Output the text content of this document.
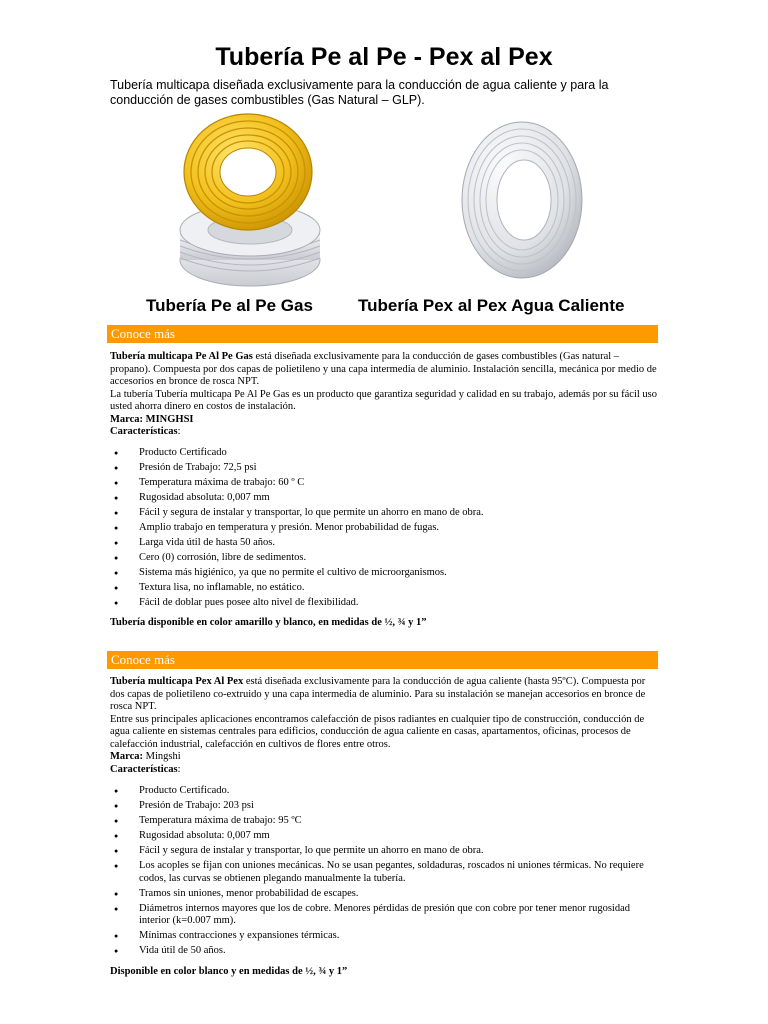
Tubería Pe al Pe - Pex al Pex

Tubería multicapa diseñada exclusivamente para la conducción de agua caliente y para la conducción de gases combustibles (Gas Natural – GLP).

Tubería Pe al Pe Gas	Tubería Pex al Pex Agua Caliente
Conoce más

Tubería multicapa Pe Al Pe Gas está diseñada exclusivamente para la conducción de gases combustibles (Gas natural – propano). Compuesta por dos capas de polietileno y una capa intermedia de aluminio. Instalación sencilla, mecánica por medio de accesorios en bronce de rosca NPT.

La tubería Tubería multicapa Pe Al Pe Gas es un producto que garantiza seguridad y calidad en su trabajo, además por su fácil uso usted ahorra dinero en costos de instalación.

Marca: MINGHSI

Características:

● Producto Certificado
● Presión de Trabajo: 72,5 psi
● Temperatura máxima de trabajo: 60 º C
● Rugosidad absoluta: 0,007 mm
● Fácil y segura de instalar y transportar, lo que permite un ahorro en mano de obra.
● Amplio trabajo en temperatura y presión. Menor probabilidad de fugas.
● Larga vida útil de hasta 50 años.
● Cero (0) corrosión, libre de sedimentos.
● Sistema más higiénico, ya que no permite el cultivo de microorganismos.
● Textura lisa, no inflamable, no estático.
● Fácil de doblar pues posee alto nivel de flexibilidad.
Tubería disponible en color amarillo y blanco, en medidas de ½, ¾ y 1”
Conoce más

Tubería multicapa Pex Al Pex está diseñada exclusivamente para la conducción de agua caliente (hasta 95ºC). Compuesta por dos capas de polietileno co-extruido y una capa intermedia de aluminio. Para su instalación se manejan accesorios en bronce de rosca NPT.

Entre sus principales aplicaciones encontramos calefacción de pisos radiantes en cualquier tipo de construcción, conducción de agua caliente en sistemas centrales para edificios, conducción de agua caliente en casas, apartamentos, oficinas, procesos de calefacción industrial, calefacción en cultivos de flores entre otros.

Marca: Mingshi

Características:

● Producto Certificado.
● Presión de Trabajo: 203 psi
● Temperatura máxima de trabajo: 95 ºC
● Rugosidad absoluta: 0,007 mm
● Fácil y segura de instalar y transportar, lo que permite un ahorro en mano de obra.
● Los acoples se fijan con uniones mecánicas. No se usan pegantes, soldaduras, roscados ni uniones térmicas. No requiere codos, las curvas se obtienen plegando manualmente la tubería.
● Tramos sin uniones, menor probabilidad de escapes.
● Diámetros internos mayores que los de cobre. Menores pérdidas de presión que con cobre por tener menor rugosidad interior (k=0.007 mm).
● Mínimas contracciones y expansiones térmicas.
● Vida útil de 50 años.
Disponible en color blanco y en medidas de ½, ¾ y 1”
